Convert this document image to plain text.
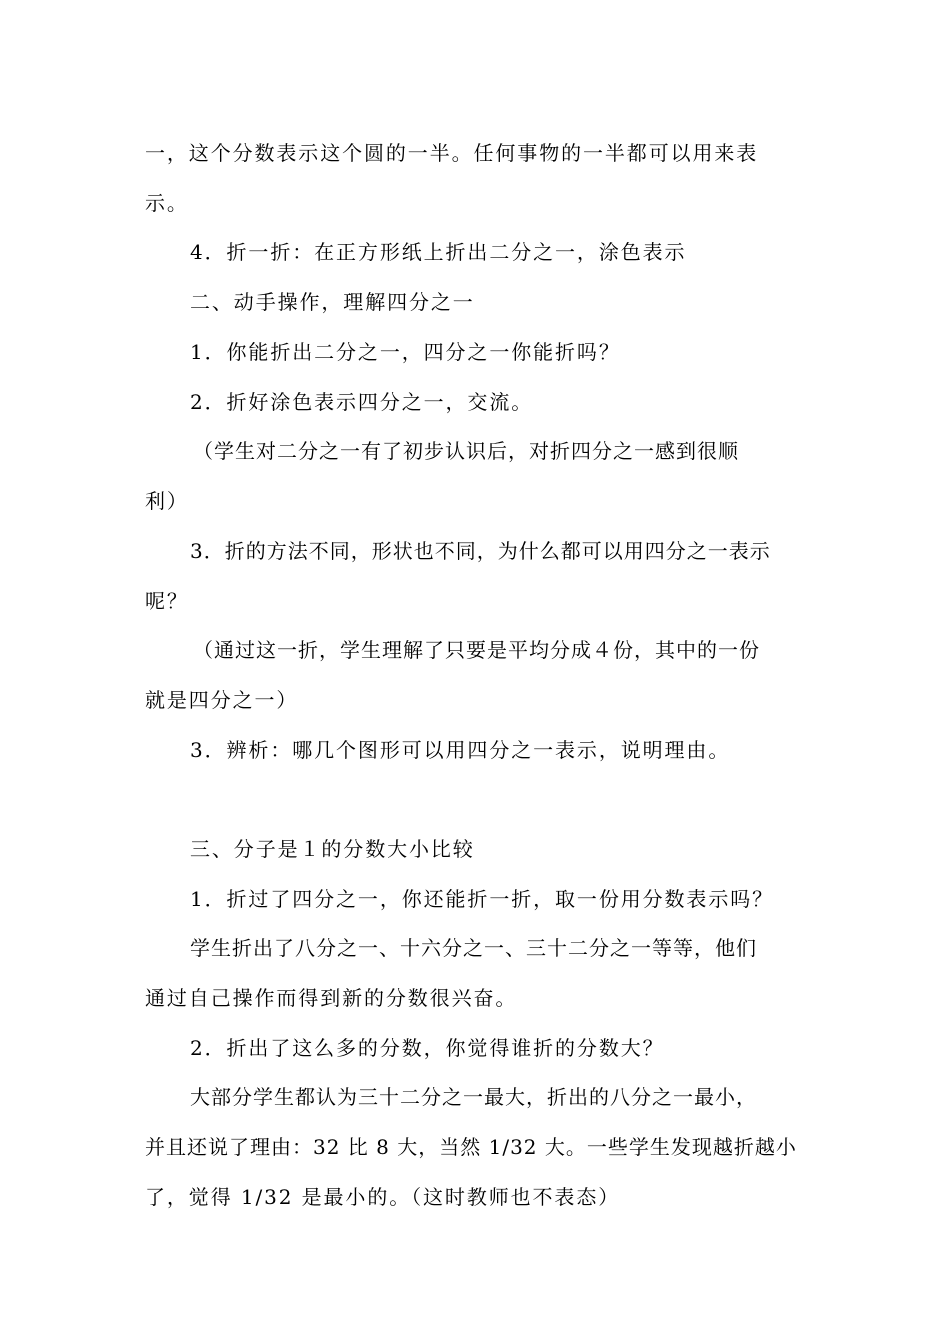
一，这个分数表示这个圆的一半。任何事物的一半都可以用来表
示。
4．折一折：在正方形纸上折出二分之一，涂色表示
二、动手操作，理解四分之一
1．你能折出二分之一，四分之一你能折吗？
2．折好涂色表示四分之一，交流。
（学生对二分之一有了初步认识后，对折四分之一感到很顺
利）
3．折的方法不同，形状也不同，为什么都可以用四分之一表示
呢？
（通过这一折，学生理解了只要是平均分成４份，其中的一份
就是四分之一）
3．辨析：哪几个图形可以用四分之一表示，说明理由。
三、分子是１的分数大小比较
1．折过了四分之一，你还能折一折，取一份用分数表示吗？
学生折出了八分之一、十六分之一、三十二分之一等等，他们
通过自己操作而得到新的分数很兴奋。
2．折出了这么多的分数，你觉得谁折的分数大？
大部分学生都认为三十二分之一最大，折出的八分之一最小，
并且还说了理由：32 比 8 大，当然 1/32 大。一些学生发现越折越小
了，觉得 1/32 是最小的。（这时教师也不表态）
